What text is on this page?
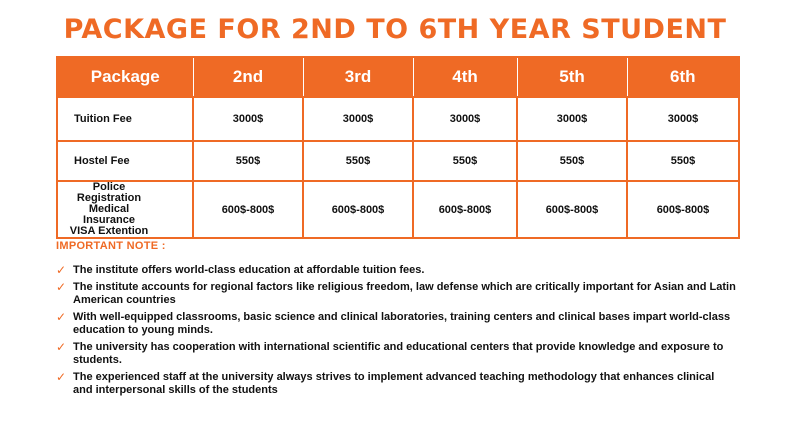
PACKAGE FOR 2ND TO 6TH YEAR STUDENT
Package	2nd	3rd	4th	5th	6th
Tuition Fee	3000$	3000$	3000$	3000$	3000$
Hostel Fee	550$	550$	550$	550$	550$

Police Registration
Medical Insurance
VISA Extention	600$-800$	600$-800$	600$-800$	600$-800$	600$-800$
IMPORTANT NOTE :
✓ The institute offers world-class education at affordable tuition fees.
✓ The institute accounts for regional factors like religious freedom, law defense which are critically important for Asian and Latin American countries
✓ With well-equipped classrooms, basic science and clinical laboratories, training centers and clinical bases impart world-class education to young minds.
✓ The university has cooperation with international scientific and educational centers that provide knowledge and exposure to students.
✓ The experienced staff at the university always strives to implement advanced teaching methodology that enhances clinical and interpersonal skills of the students
